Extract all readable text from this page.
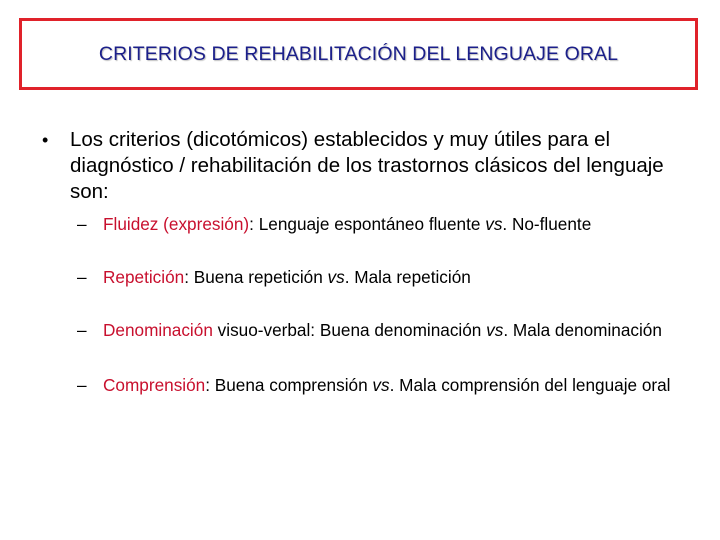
CRITERIOS DE REHABILITACIÓN DEL LENGUAJE ORAL
• Los criterios (dicotómicos) establecidos y muy útiles para el diagnóstico / rehabilitación de los trastornos clásicos del lenguaje son:
– Fluidez (expresión): Lenguaje espontáneo fluente vs. No-fluente
– Repetición: Buena repetición vs. Mala repetición
– Denominación visuo-verbal: Buena denominación vs. Mala denominación
– Comprensión: Buena comprensión vs. Mala comprensión del lenguaje oral
